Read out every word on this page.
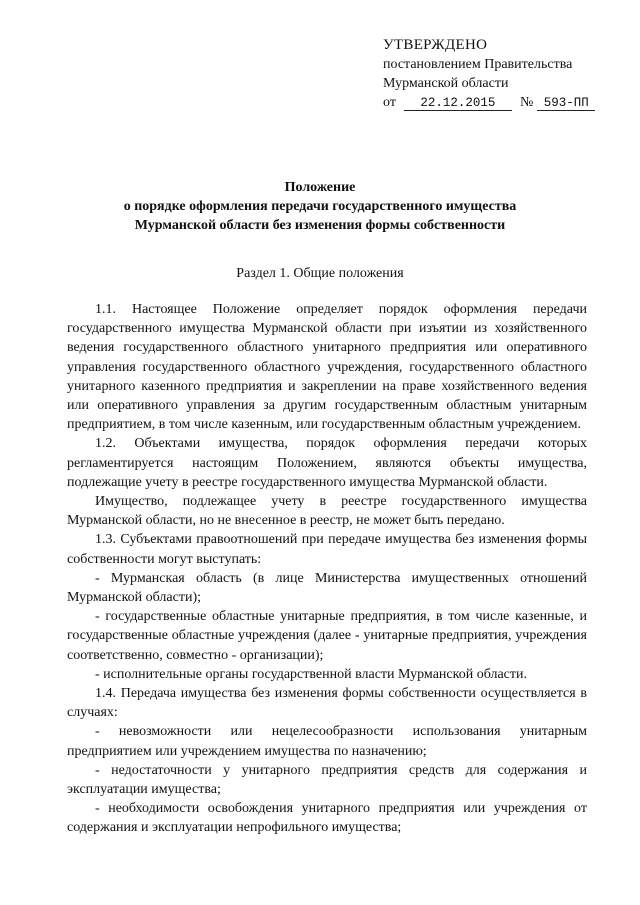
УТВЕРЖДЕНО
постановлением Правительства
Мурманской области
от 22.12.2015 № 593-ПП
Положение
о порядке оформления передачи государственного имущества
Мурманской области без изменения формы собственности
Раздел 1. Общие положения

1.1. Настоящее Положение определяет порядок оформления передачи государственного имущества Мурманской области при изъятии из хозяйственного ведения государственного областного унитарного предприятия или оперативного управления государственного областного учреждения, государственного областного унитарного казенного предприятия и закреплении на праве хозяйственного ведения или оперативного управления за другим государственным областным унитарным предприятием, в том числе казенным, или государственным областным учреждением.

1.2. Объектами имущества, порядок оформления передачи которых регламентируется настоящим Положением, являются объекты имущества, подлежащие учету в реестре государственного имущества Мурманской области.

Имущество, подлежащее учету в реестре государственного имущества Мурманской области, но не внесенное в реестр, не может быть передано.

1.3. Субъектами правоотношений при передаче имущества без изменения формы собственности могут выступать:

- Мурманская область (в лице Министерства имущественных отношений Мурманской области);

- государственные областные унитарные предприятия, в том числе казенные, и государственные областные учреждения (далее - унитарные предприятия, учреждения соответственно, совместно - организации);

- исполнительные органы государственной власти Мурманской области.

1.4. Передача имущества без изменения формы собственности осуществляется в случаях:

- невозможности или нецелесообразности использования унитарным предприятием или учреждением имущества по назначению;

- недостаточности у унитарного предприятия средств для содержания и эксплуатации имущества;

- необходимости освобождения унитарного предприятия или учреждения от содержания и эксплуатации непрофильного имущества;
